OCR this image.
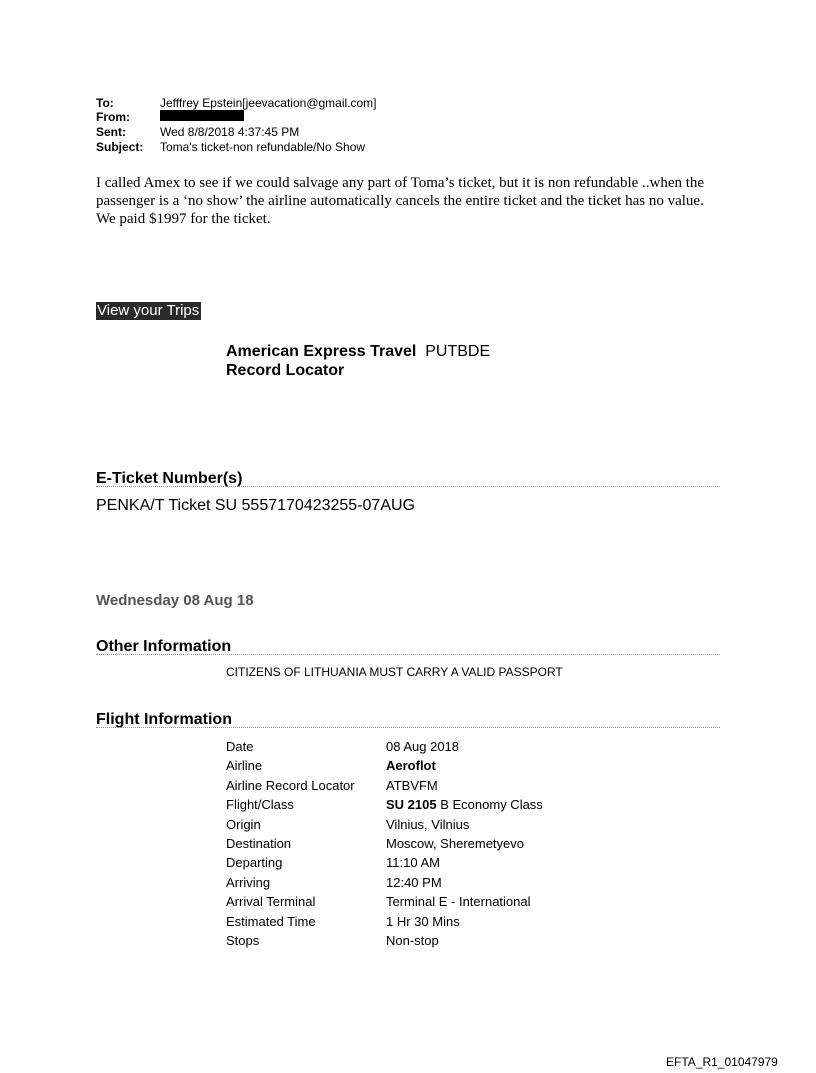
To:	Jefffrey Epstein[jeevacation@gmail.com]
From:
Sent:	Wed 8/8/2018 4:37:45 PM
Subject:	Toma's ticket-non refundable/No Show
I called Amex to see if we could salvage any part of Toma’s ticket, but it is non refundable ..when the passenger is a ‘no show’ the airline automatically cancels the entire ticket and the ticket has no value. We paid $1997 for the ticket.
View your Trips
American Express Travel PUTBDE
Record Locator
E-Ticket Number(s)
PENKA/T Ticket SU 5557170423255-07AUG
Wednesday 08 Aug 18
Other Information
CITIZENS OF LITHUANIA MUST CARRY A VALID PASSPORT
Flight Information
Date	08 Aug 2018
Airline	Aeroflot
Airline Record Locator	ATBVFM
Flight/Class	SU 2105 B Economy Class
Origin	Vilnius, Vilnius
Destination	Moscow, Sheremetyevo
Departing	11:10 AM
Arriving	12:40 PM
Arrival Terminal	Terminal E - International
Estimated Time	1 Hr 30 Mins
Stops	Non-stop
EFTA_R1_01047979
